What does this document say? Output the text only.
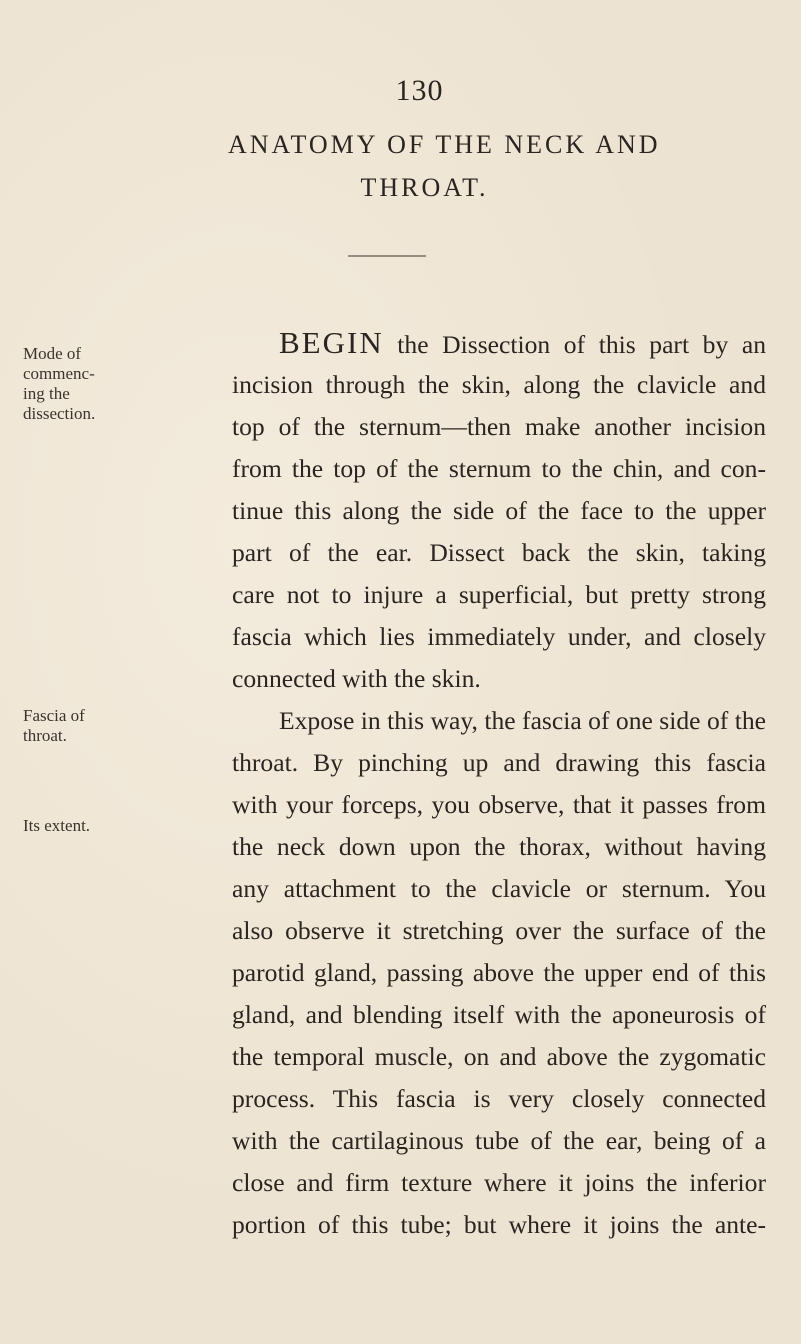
130
ANATOMY OF THE NECK AND
THROAT.
Mode of
commenc-
ing the
dissection.
Fascia of
throat.
Its extent.
BEGIN the Dissection of this part by an
incision through the skin, along the clavicle and
top of the sternum—then make another incision
from the top of the sternum to the chin, and con-
tinue this along the side of the face to the upper
part of the ear. Dissect back the skin, taking
care not to injure a superficial, but pretty strong
fascia which lies immediately under, and closely
connected with the skin.
Expose in this way, the fascia of one side of the
throat. By pinching up and drawing this fascia
with your forceps, you observe, that it passes from
the neck down upon the thorax, without having
any attachment to the clavicle or sternum. You
also observe it stretching over the surface of the
parotid gland, passing above the upper end of this
gland, and blending itself with the aponeurosis of
the temporal muscle, on and above the zygomatic
process. This fascia is very closely connected
with the cartilaginous tube of the ear, being of a
close and firm texture where it joins the inferior
portion of this tube; but where it joins the ante-
